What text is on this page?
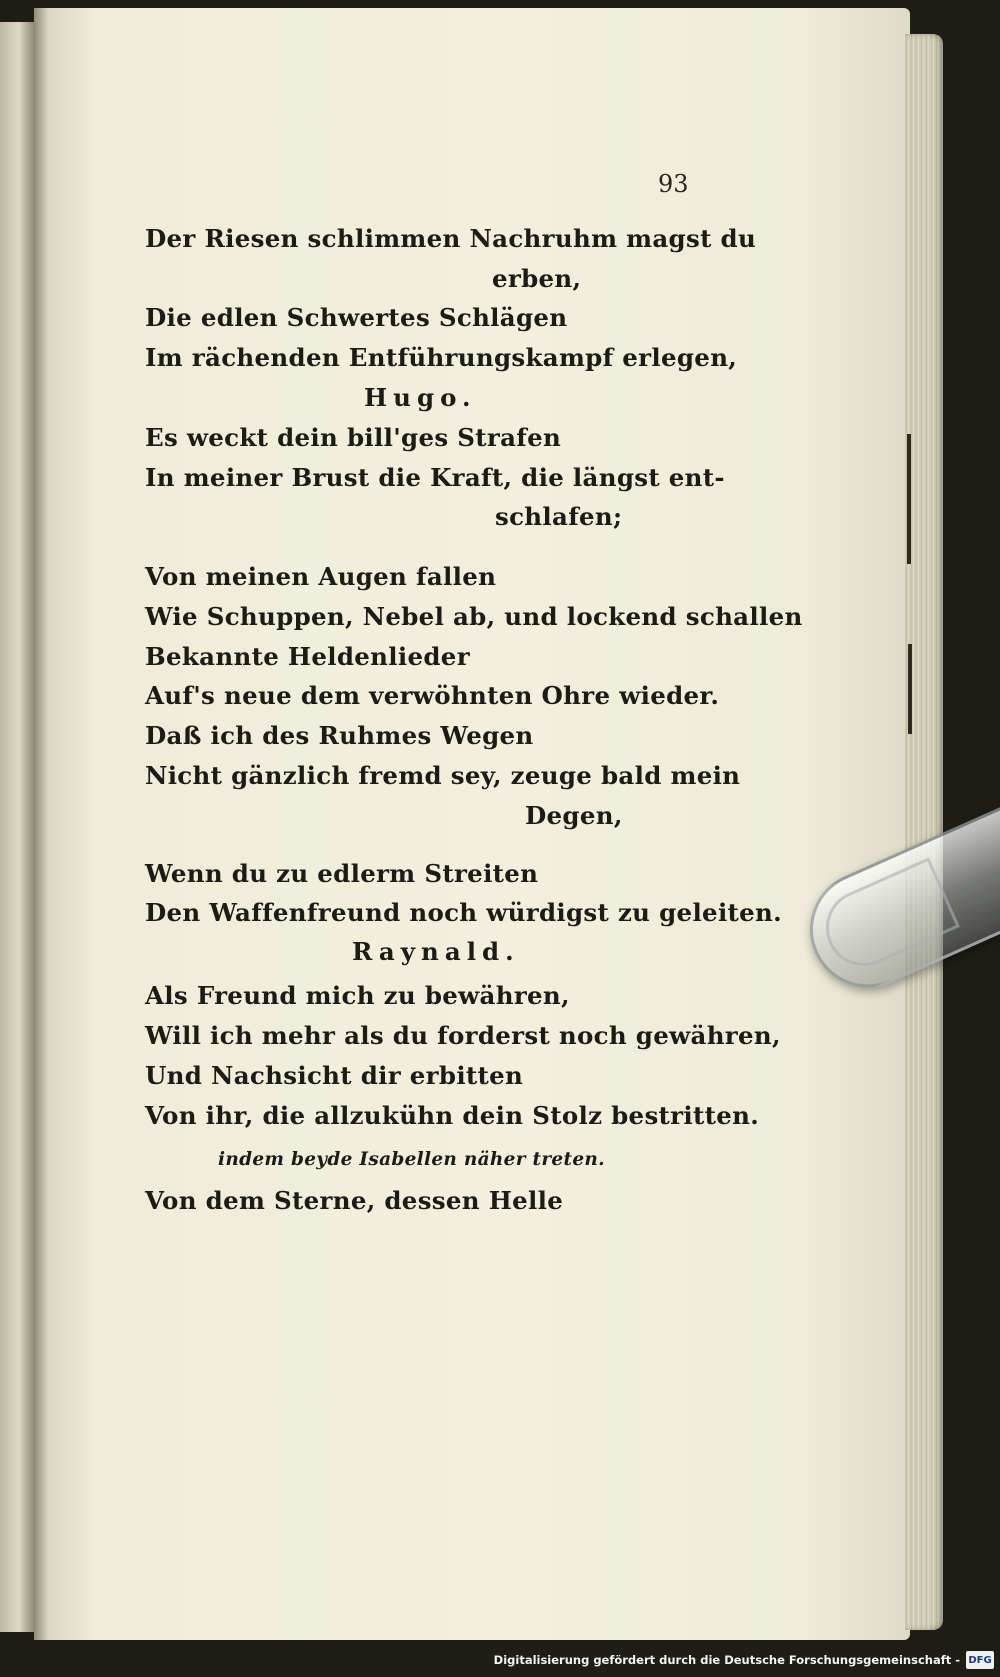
93
Der Riesen schlimmen Nachruhm magst du
erben,
Die edlen Schwertes Schlägen
Im rächenden Entführungskampf erlegen,
Hugo.
Es weckt dein bill'ges Strafen
In meiner Brust die Kraft, die längst ent-
schlafen;
Von meinen Augen fallen
Wie Schuppen, Nebel ab, und lockend schallen
Bekannte Heldenlieder
Auf's neue dem verwöhnten Ohre wieder.
Daß ich des Ruhmes Wegen
Nicht gänzlich fremd sey, zeuge bald mein
Degen,
Wenn du zu edlerm Streiten
Den Waffenfreund noch würdigst zu geleiten.
Raynald.
Als Freund mich zu bewähren,
Will ich mehr als du forderst noch gewähren,
Und Nachsicht dir erbitten
Von ihr, die allzukühn dein Stolz bestritten.
indem beyde Isabellen näher treten.
Von dem Sterne, dessen Helle
Digitalisierung gefördert durch die Deutsche Forschungsgemeinschaft - DFG
